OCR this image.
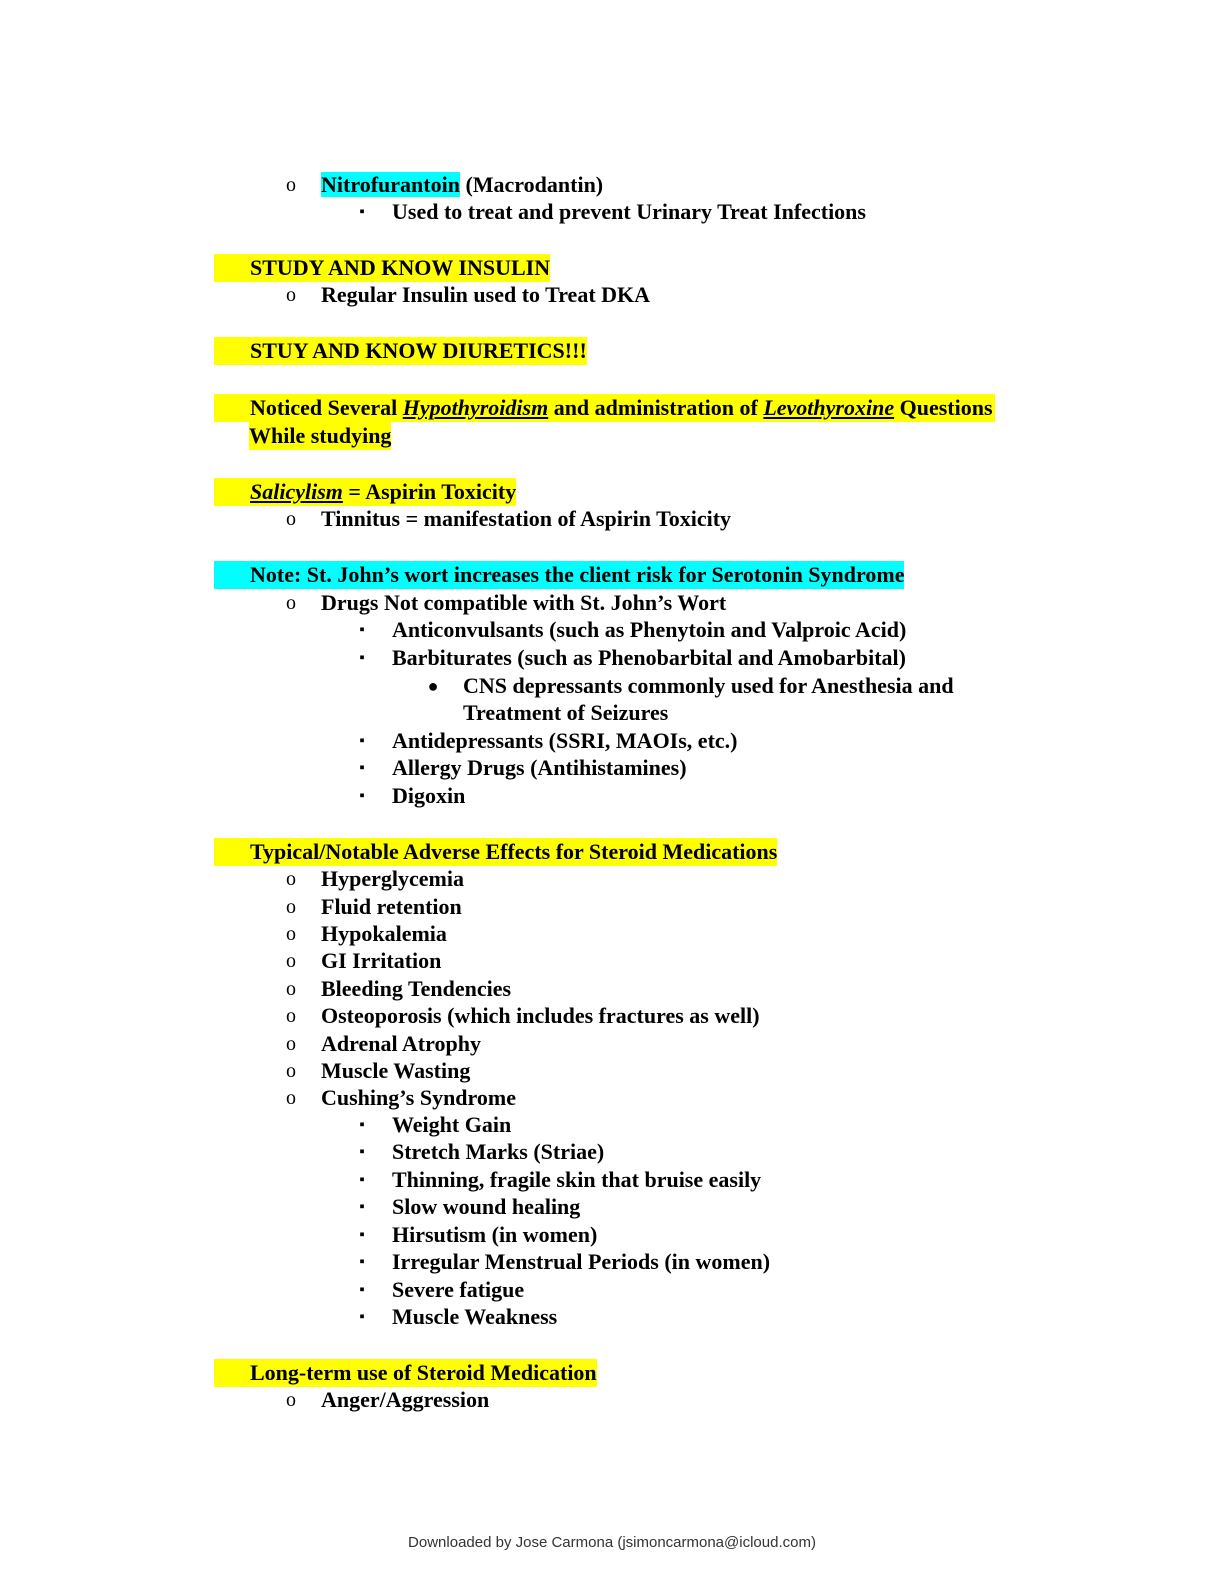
o Nitrofurantoin (Macrodantin)
▪	Used to treat and prevent Urinary Treat Infections
STUDY AND KNOW INSULIN
o Regular Insulin used to Treat DKA
STUY AND KNOW DIURETICS!!!
Noticed Several Hypothyroidism and administration of Levothyroxine Questions
While studying
Salicylism = Aspirin Toxicity
o Tinnitus = manifestation of Aspirin Toxicity
Note: St. John’s wort increases the client risk for Serotonin Syndrome
o Drugs Not compatible with St. John’s Wort
▪	Anticonvulsants (such as Phenytoin and Valproic Acid)
▪	Barbiturates (such as Phenobarbital and Amobarbital)
● CNS depressants commonly used for Anesthesia and
Treatment of Seizures
▪	Antidepressants (SSRI, MAOIs, etc.)
▪	Allergy Drugs (Antihistamines)
▪	Digoxin
Typical/Notable Adverse Effects for Steroid Medications
o Hyperglycemia
o Fluid retention
o Hypokalemia
o GI Irritation
o Bleeding Tendencies
o Osteoporosis (which includes fractures as well)
o Adrenal Atrophy
o Muscle Wasting
o Cushing’s Syndrome
▪	Weight Gain
▪	Stretch Marks (Striae)
▪	Thinning, fragile skin that bruise easily
▪	Slow wound healing
▪	Hirsutism (in women)
▪	Irregular Menstrual Periods (in women)
▪	Severe fatigue
▪	Muscle Weakness
Long-term use of Steroid Medication
o Anger/Aggression
Downloaded by Jose Carmona (jsimoncarmona@icloud.com)
